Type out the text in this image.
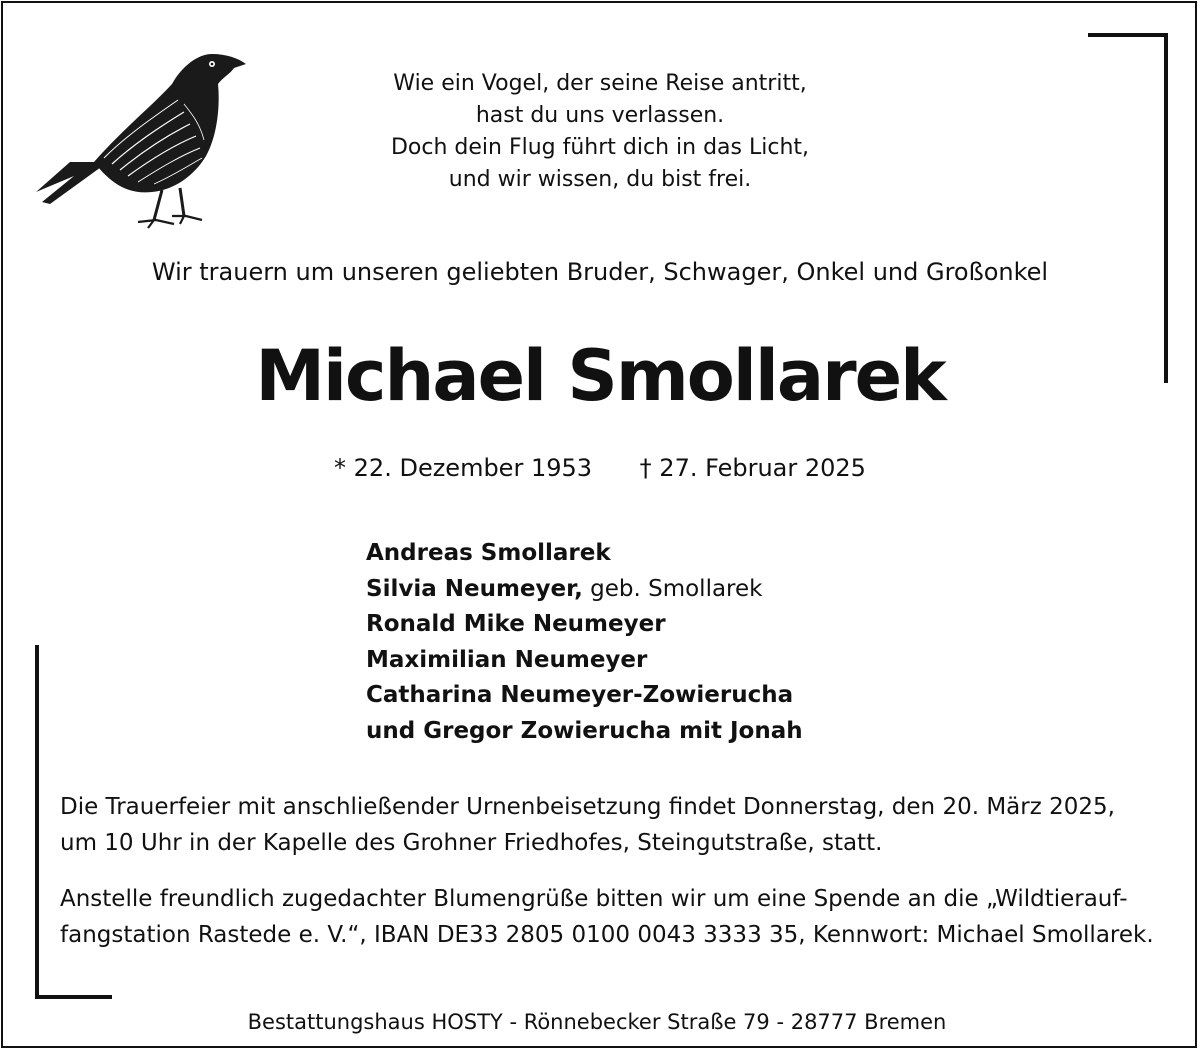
Wie ein Vogel, der seine Reise antritt,
hast du uns verlassen.
Doch dein Flug führt dich in das Licht,
und wir wissen, du bist frei.
Wir trauern um unseren geliebten Bruder, Schwager, Onkel und Großonkel
Michael Smollarek
* 22. Dezember 1953 † 27. Februar 2025
Andreas Smollarek
Silvia Neumeyer, geb. Smollarek
Ronald Mike Neumeyer
Maximilian Neumeyer
Catharina Neumeyer-Zowierucha
und Gregor Zowierucha mit Jonah
Die Trauerfeier mit anschließender Urnenbeisetzung findet Donnerstag, den 20. März 2025,
um 10 Uhr in der Kapelle des Grohner Friedhofes, Steingutstraße, statt.
Anstelle freundlich zugedachter Blumengrüße bitten wir um eine Spende an die „Wildtierauf-
fangstation Rastede e. V.“, IBAN DE33 2805 0100 0043 3333 35, Kennwort: Michael Smollarek.
Bestattungshaus HOSTY - Rönnebecker Straße 79 - 28777 Bremen
